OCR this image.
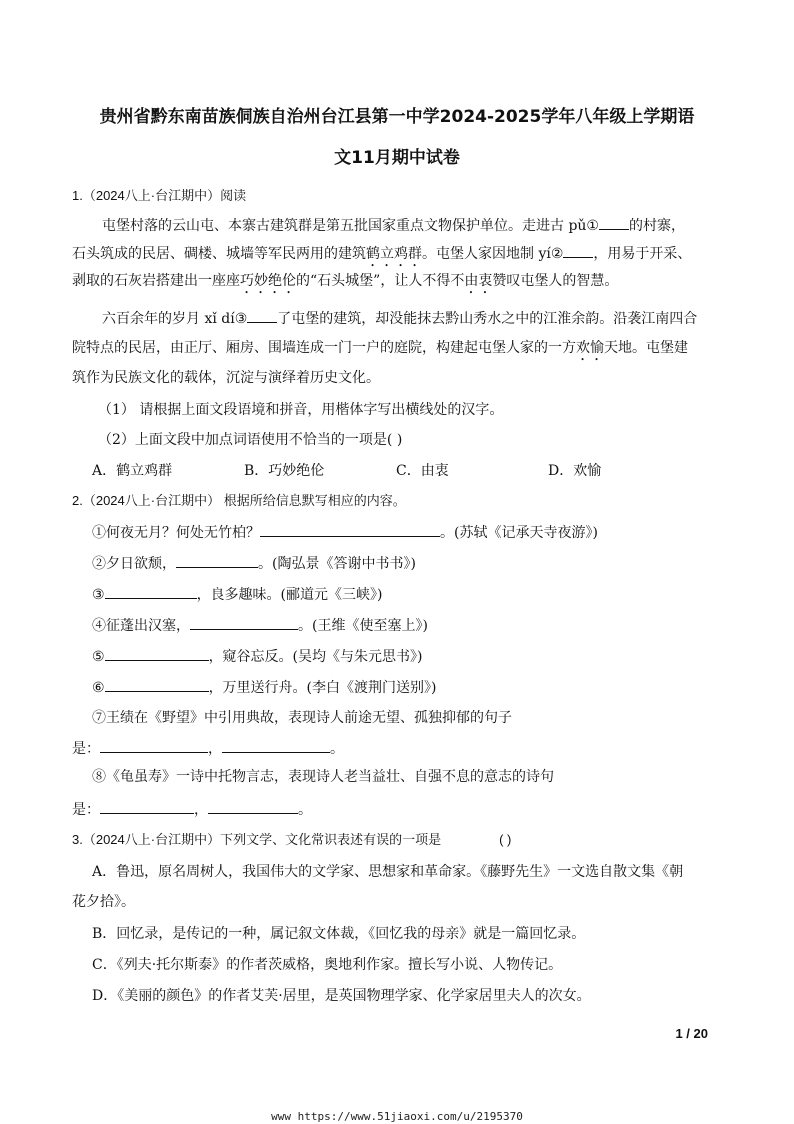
贵州省黔东南苗族侗族自治州台江县第一中学2024-2025学年八年级上学期语
文11月期中试卷
1.（2024八上·台江期中）阅读
屯堡村落的云山屯、本寨古建筑群是第五批国家重点文物保护单位。走进古 pǔ① 的村寨，
石头筑成的民居、碉楼、城墙等军民两用的建筑鹤立鸡群。屯堡人家因地制 yí② ，用易于开采、
剥取的石灰岩搭建出一座座巧妙绝伦的“石头城堡”，让人不得不由衷赞叹屯堡人的智慧。
六百余年的岁月 xǐ dí③ 了屯堡的建筑，却没能抹去黔山秀水之中的江淮余韵。沿袭江南四合
院特点的民居，由正厅、厢房、围墙连成一门一户的庭院，构建起屯堡人家的一方欢愉天地。屯堡建
筑作为民族文化的载体，沉淀与演绎着历史文化。
（1） 请根据上面文段语境和拼音，用楷体字写出横线处的汉字。
（2）上面文段中加点词语使用不恰当的一项是( )
A．鹤立鸡群	B．巧妙绝伦	C．由衷	D．欢愉
2.（2024八上·台江期中） 根据所给信息默写相应的内容。
①何夜无月？何处无竹柏？	。(苏轼《记承天寺夜游》)
②夕日欲颓，	。(陶弘景《答谢中书书》)
③	，良多趣味。(郦道元《三峡》)
④征蓬出汉塞，	。(王维《使至塞上》)
⑤	，窥谷忘反。(吴均《与朱元思书》)
⑥	，万里送行舟。(李白《渡荆门送别》)
⑦王绩在《野望》中引用典故，表现诗人前途无望、孤独抑郁的句子
是：	，	。
⑧《龟虽寿》一诗中托物言志，表现诗人老当益壮、自强不息的意志的诗句
是：	，	。
3.（2024八上·台江期中）下列文学、文化常识表述有误的一项是	( )
A．鲁迅，原名周树人，我国伟大的文学家、思想家和革命家。《藤野先生》一文选自散文集《朝
花夕拾》。
B．回忆录，是传记的一种，属记叙文体裁，《回忆我的母亲》就是一篇回忆录。
C．《列夫·托尔斯泰》的作者茨威格，奥地利作家。擅长写小说、人物传记。
D．《美丽的颜色》的作者艾芙·居里，是英国物理学家、化学家居里夫人的次女。
1 / 20
www https://www.51jiaoxi.com/u/2195370
